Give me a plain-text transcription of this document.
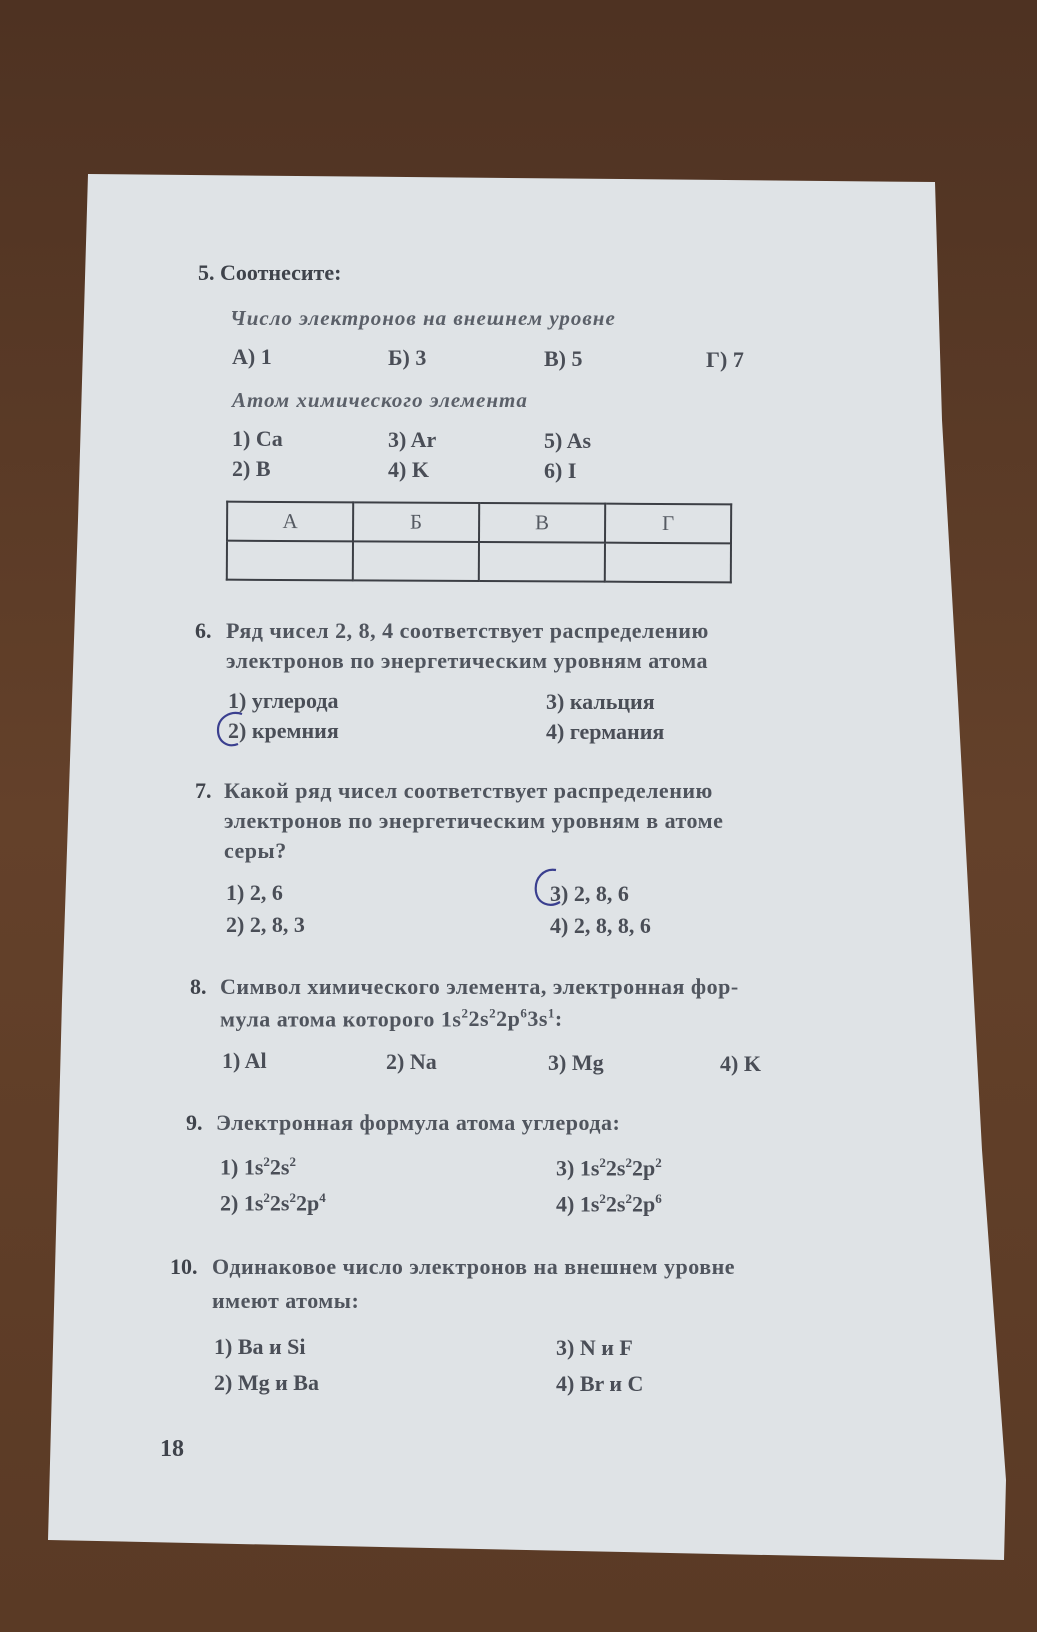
5. Соотнесите:
Число электронов на внешнем уровне
А) 1	Б) 3	В) 5	Г) 7
Атом химического элемента
1) Ca
2) B
3) Ar
4) K
5) As
6) I
А	Б	В	Г

6. Ряд чисел 2, 8, 4 соответствует распределению
электронов по энергетическим уровням атома
1) углерода
2) кремния
3) кальция
4) германия
7. Какой ряд чисел соответствует распределению
электронов по энергетическим уровням в атоме
серы?
1) 2, 6
2) 2, 8, 3
3) 2, 8, 6
4) 2, 8, 8, 6
8. Символ химического элемента, электронная фор-
мула атома которого $1s^22s^22p^63s^1$:
1) Al	2) Na	3) Mg	4) K
9. Электронная формула атома углерода:
1) $1s^22s^2$
2) $1s^22s^22p^4$
3) $1s^22s^22p^2$
4) $1s^22s^22p^6$
10. Одинаковое число электронов на внешнем уровне
имеют атомы:
1) Ba и Si
2) Mg и Ba
3) N и F
4) Br и C
18
